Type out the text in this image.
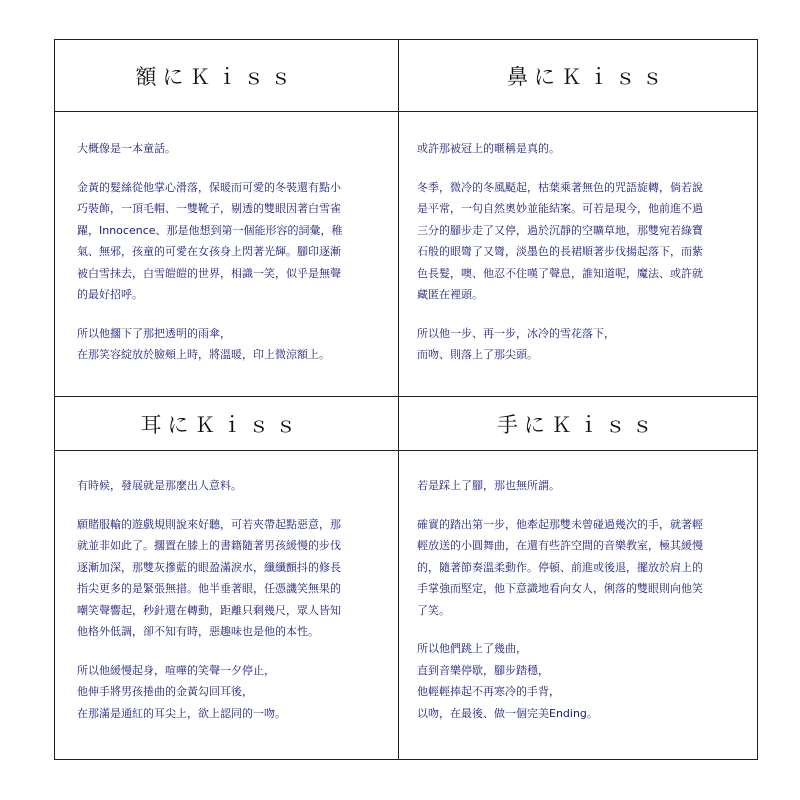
額にＫｉｓｓ

大概像是一本童話。

金黃的髮絲從他掌心滑落，保暖而可愛的冬裝還有點小
巧裝飾，一頂毛帽、一雙靴子，剔透的雙眼因著白雪雀
躍，Innocence、那是他想到第一個能形容的詞彙，稚
氣、無邪，孩童的可愛在女孩身上閃著光輝。腳印逐漸
被白雪抹去，白雪皚皚的世界，相識一笑，似乎是無聲
的最好招呼。

所以他擱下了那把透明的雨傘，
在那笑容綻放於臉頰上時，將溫暖，印上微涼額上。

鼻にＫｉｓｓ

或許那被冠上的暱稱是真的。

冬季，微冷的冬風颳起，枯葉乘著無色的咒語旋轉，倘若說
是平常，一句自然奧妙並能結案。可若是現今，他前進不過
三分的腳步走了又停，過於沉靜的空曠草地，那雙宛若綠寶
石般的眼彎了又彎，淡墨色的長裙順著步伐揚起落下，而紫
色長髮，噢、他忍不住嘆了聲息，誰知道呢，魔法、或許就
藏匿在裡頭。

所以他一步、再一步，冰冷的雪花落下，
而吻、則落上了那尖頭。

耳にＫｉｓｓ

有時候，發展就是那麼出人意料。

願賭服輸的遊戲規則說來好聽，可若夾帶起點惡意，那
就並非如此了。擱置在膝上的書籍隨著男孩緩慢的步伐
逐漸加深，那雙灰摻藍的眼盈滿淚水，纖纖顫抖的修長
指尖更多的是緊張無措。他半垂著眼，任憑譏笑無果的
嘲笑聲響起，秒針還在轉動，距離只剩幾尺，眾人皆知
他格外低調，卻不知有時，惡趣味也是他的本性。

所以他緩慢起身，喧嘩的笑聲一夕停止，
他伸手將男孩捲曲的金黃勾回耳後，
在那滿是通紅的耳尖上，欲上認同的一吻。

手にＫｉｓｓ

若是踩上了腳，那也無所謂。

確實的踏出第一步，他牽起那雙未曾碰過幾次的手，就著輕
輕放送的小圓舞曲，在還有些許空間的音樂教室，極其緩慢
的，隨著節奏溫柔動作。停頓、前進或後退，擺放於肩上的
手掌強而堅定，他下意識地看向女人，俐落的雙眼則向他笑
了笑。

所以他們跳上了幾曲，
直到音樂停歇，腳步踏穩，
他輕輕捧起不再寒冷的手背，
以吻，在最後、做一個完美Ending。
